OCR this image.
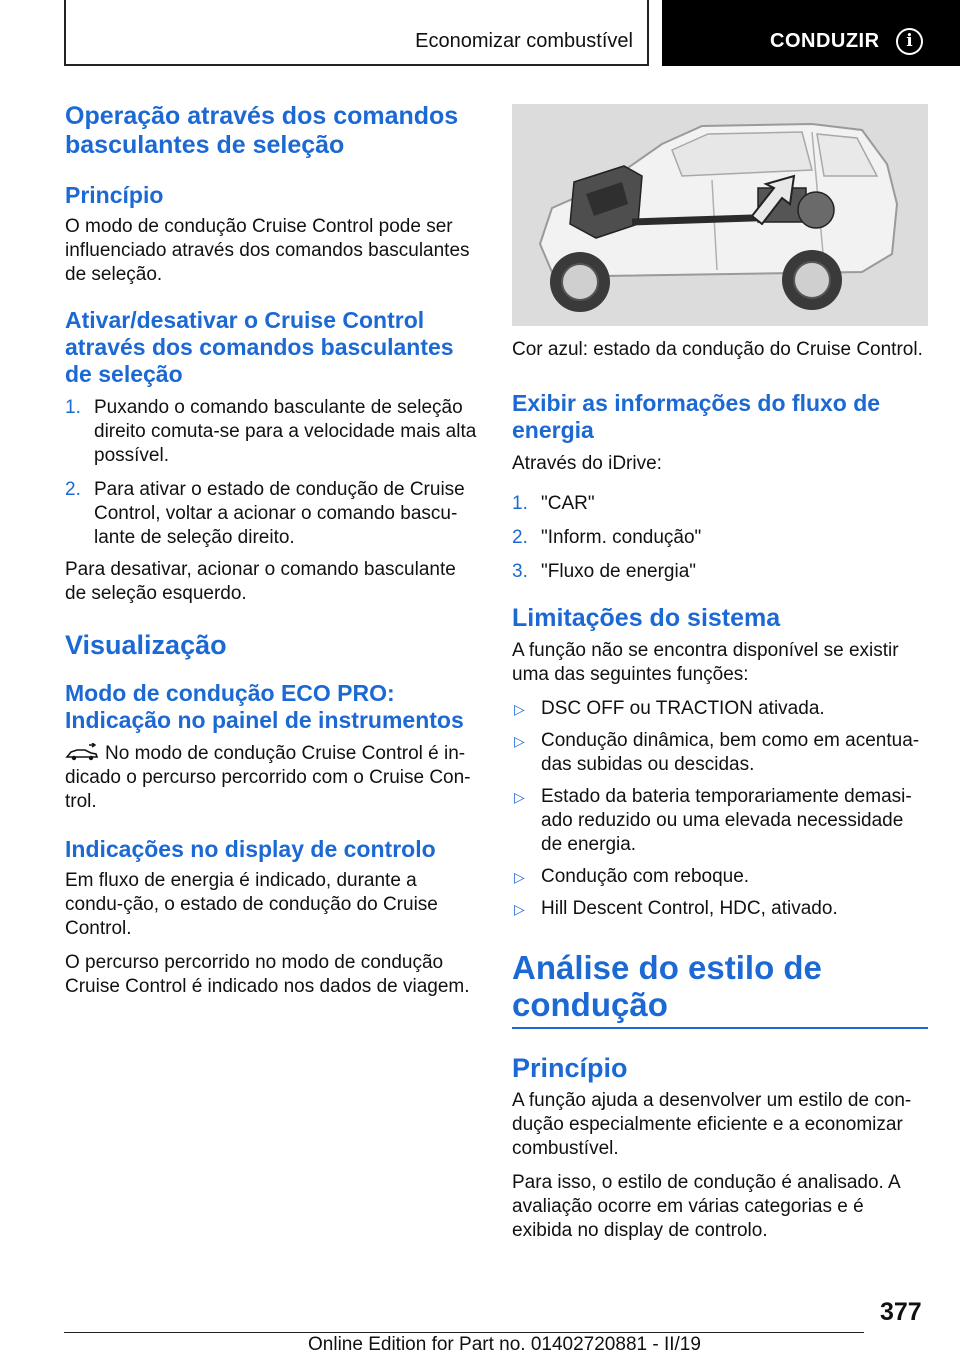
Economizar combustível	CONDUZIR	i
Operação através dos comandos basculantes de seleção
Princípio
O modo de condução Cruise Control pode ser influenciado através dos comandos basculantes de seleção.
Ativar/desativar o Cruise Control através dos comandos basculantes de seleção
1. Puxando o comando basculante de seleção direito comuta-se para a velocidade mais alta possível.
2. Para ativar o estado de condução de Cruise Control, voltar a acionar o comando bascu‐lante de seleção direito.
Para desativar, acionar o comando basculante de seleção esquerdo.
Visualização
Modo de condução ECO PRO: Indicação no painel de instrumentos
No modo de condução Cruise Control é in‐dicado o percurso percorrido com o Cruise Con‐trol.
Indicações no display de controlo
Em fluxo de energia é indicado, durante a condu‐ção, o estado de condução do Cruise Control.
O percurso percorrido no modo de condução Cruise Control é indicado nos dados de viagem.
Cor azul: estado da condução do Cruise Control.
Exibir as informações do fluxo de energia
Através do iDrive:
1. "CAR"
2. "Inform. condução"
3. "Fluxo de energia"
Limitações do sistema
A função não se encontra disponível se existir uma das seguintes funções:
▷ DSC OFF ou TRACTION ativada.
▷ Condução dinâmica, bem como em acentua‐das subidas ou descidas.
▷ Estado da bateria temporariamente demasi‐ado reduzido ou uma elevada necessidade de energia.
▷ Condução com reboque.
▷ Hill Descent Control, HDC, ativado.
Análise do estilo de condução
Princípio
A função ajuda a desenvolver um estilo de con‐dução especialmente eficiente e a economizar combustível.
Para isso, o estilo de condução é analisado. A avaliação ocorre em várias categorias e é exibida no display de controlo.
377
Online Edition for Part no. 01402720881 - II/19
